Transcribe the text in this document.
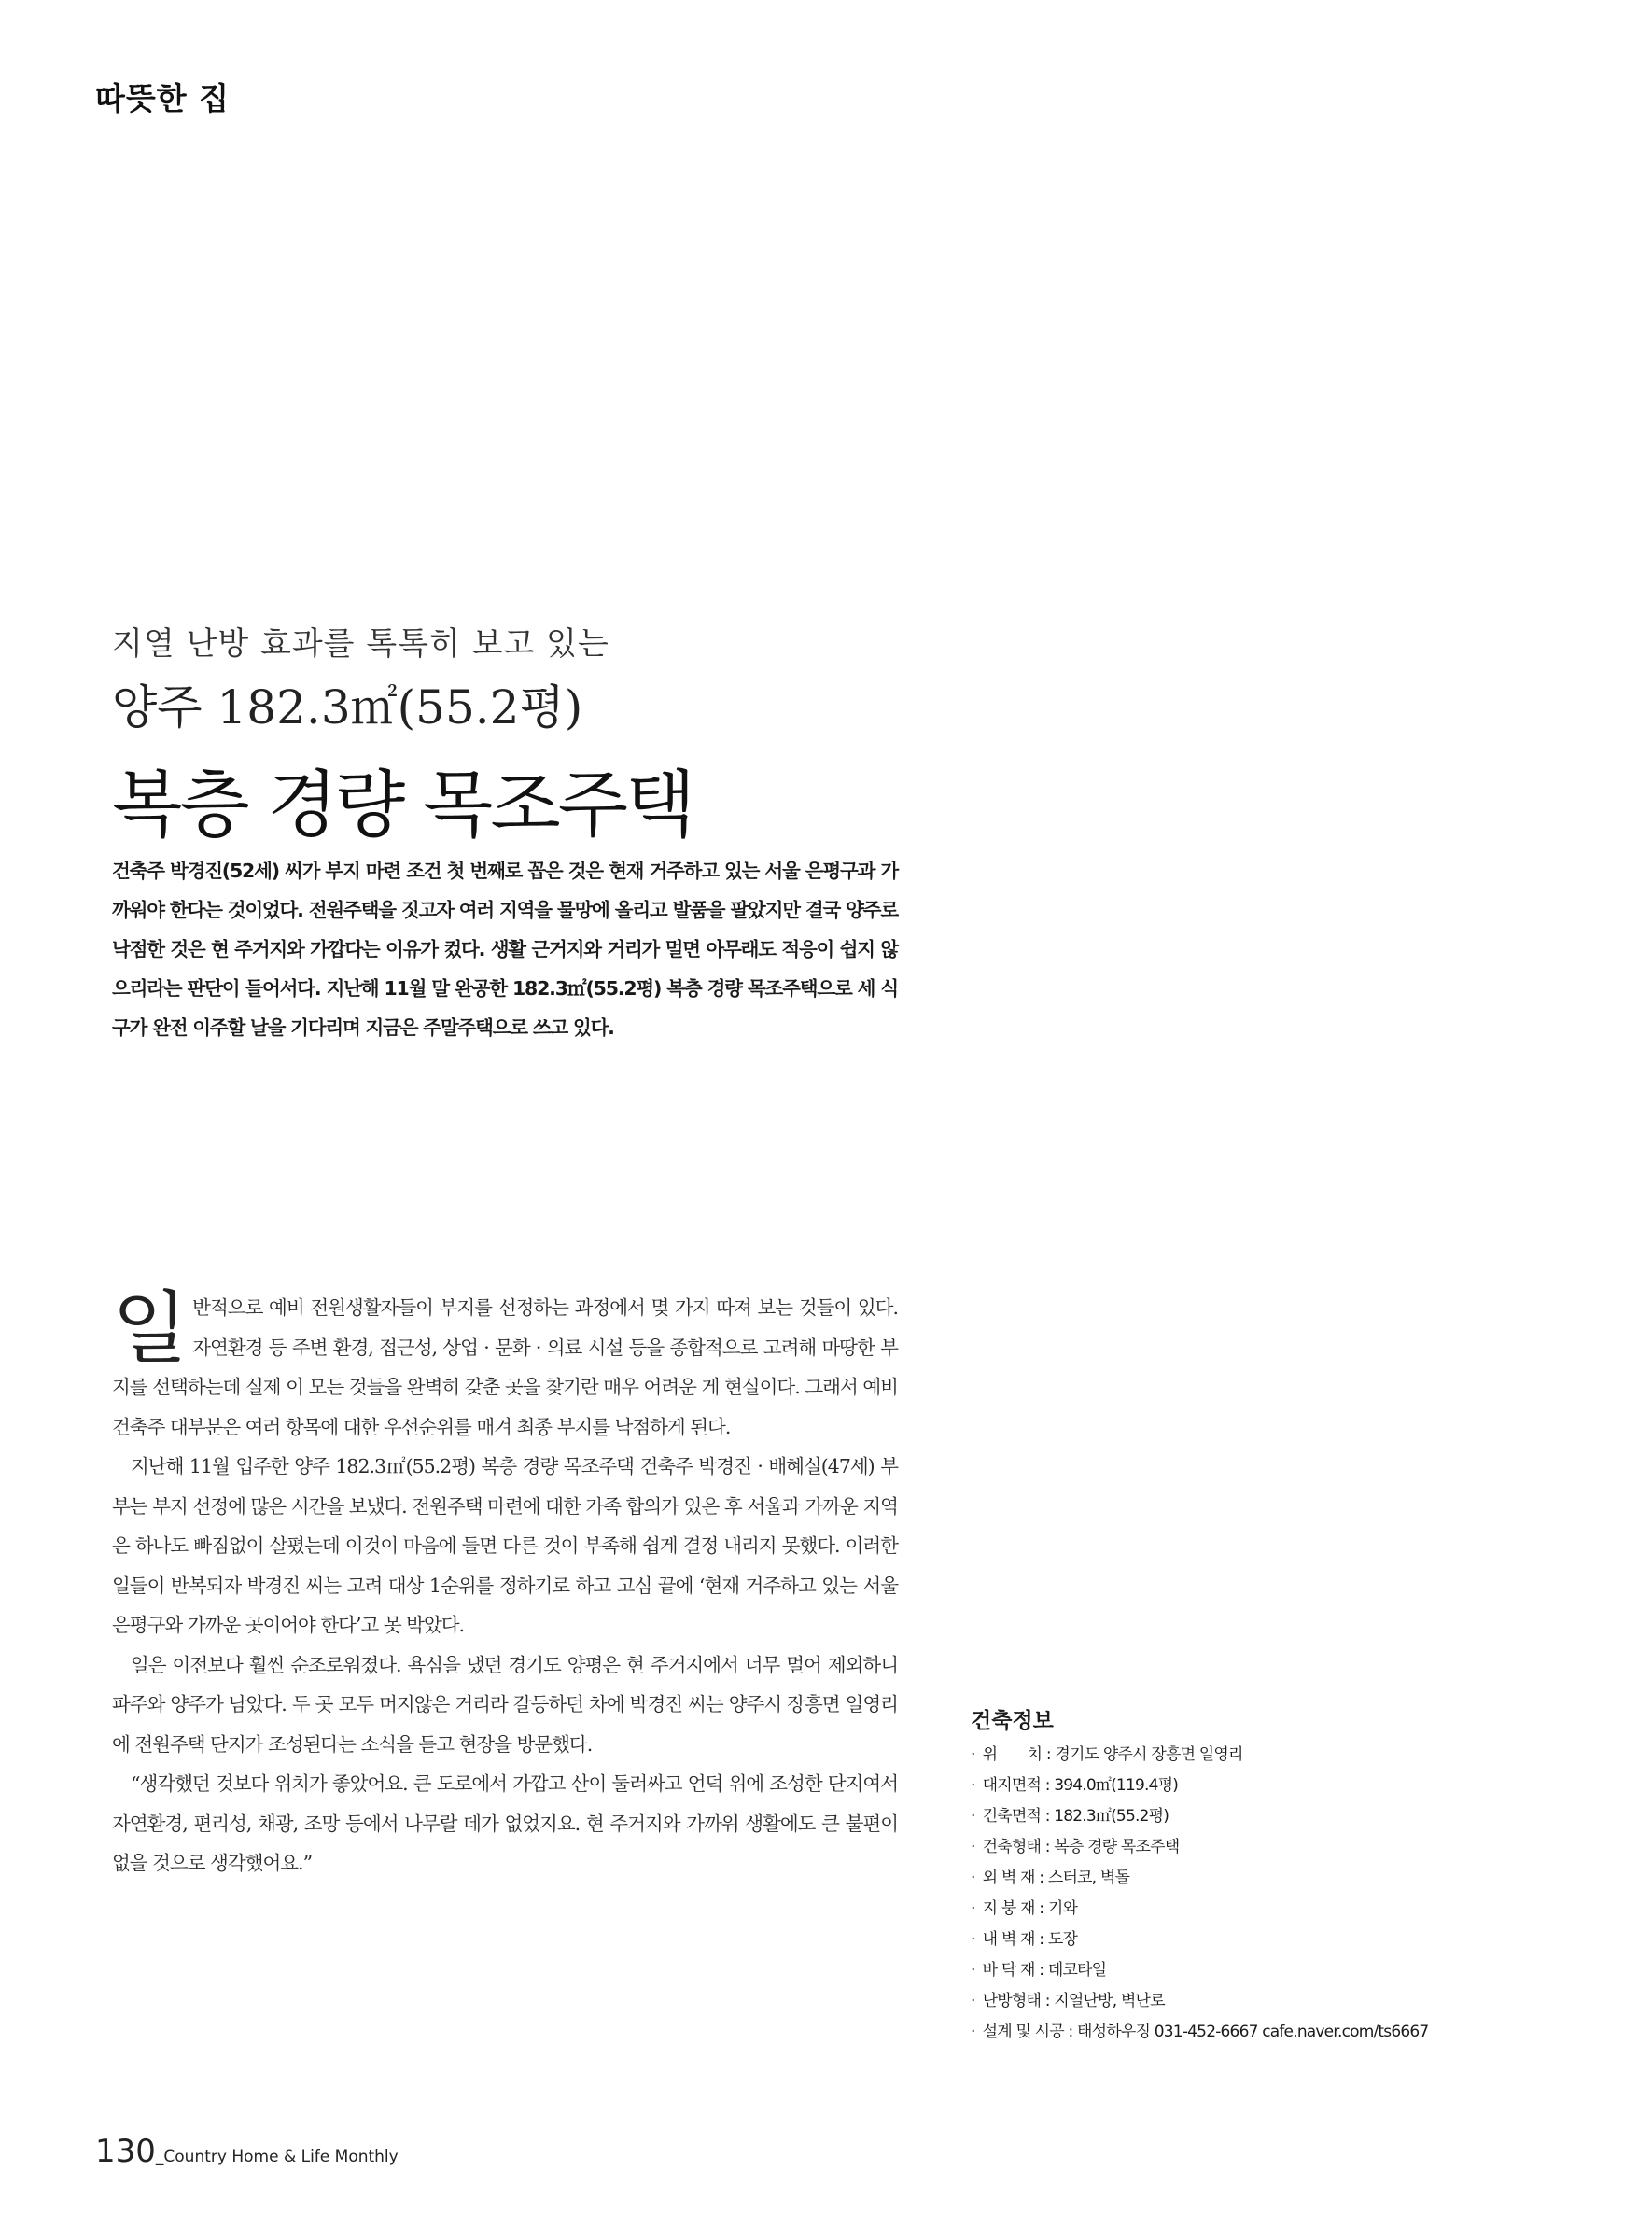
따뜻한 집
지열 난방 효과를 톡톡히 보고 있는
양주 182.3㎡(55.2평)
복층 경량 목조주택

건축주 박경진(52세) 씨가 부지 마련 조건 첫 번째로 꼽은 것은 현재 거주하고 있는 서울 은평구과 가까워야 한다는 것이었다. 전원주택을 짓고자 여러 지역을 물망에 올리고 발품을 팔았지만 결국 양주로 낙점한 것은 현 주거지와 가깝다는 이유가 컸다. 생활 근거지와 거리가 멀면 아무래도 적응이 쉽지 않으리라는 판단이 들어서다. 지난해 11월 말 완공한 182.3㎡(55.2평) 복층 경량 목조주택으로 세 식구가 완전 이주할 날을 기다리며 지금은 주말주택으로 쓰고 있다.

일반적으로 예비 전원생활자들이 부지를 선정하는 과정에서 몇 가지 따져 보는 것들이 있다. 자연환경 등 주변 환경, 접근성, 상업 · 문화 · 의료 시설 등을 종합적으로 고려해 마땅한 부지를 선택하는데 실제 이 모든 것들을 완벽히 갖춘 곳을 찾기란 매우 어려운 게 현실이다. 그래서 예비 건축주 대부분은 여러 항목에 대한 우선순위를 매겨 최종 부지를 낙점하게 된다.

지난해 11월 입주한 양주 182.3㎡(55.2평) 복층 경량 목조주택 건축주 박경진 · 배혜실(47세) 부부는 부지 선정에 많은 시간을 보냈다. 전원주택 마련에 대한 가족 합의가 있은 후 서울과 가까운 지역은 하나도 빠짐없이 살폈는데 이것이 마음에 들면 다른 것이 부족해 쉽게 결정 내리지 못했다. 이러한 일들이 반복되자 박경진 씨는 고려 대상 1순위를 정하기로 하고 고심 끝에 ‘현재 거주하고 있는 서울 은평구와 가까운 곳이어야 한다’고 못 박았다.

일은 이전보다 훨씬 순조로워졌다. 욕심을 냈던 경기도 양평은 현 주거지에서 너무 멀어 제외하니 파주와 양주가 남았다. 두 곳 모두 머지않은 거리라 갈등하던 차에 박경진 씨는 양주시 장흥면 일영리에 전원주택 단지가 조성된다는 소식을 듣고 현장을 방문했다.

“생각했던 것보다 위치가 좋았어요. 큰 도로에서 가깝고 산이 둘러싸고 언덕 위에 조성한 단지여서 자연환경, 편리성, 채광, 조망 등에서 나무랄 데가 없었지요. 현 주거지와 가까워 생활에도 큰 불편이 없을 것으로 생각했어요.”

건축정보
· 위　　치 : 경기도 양주시 장흥면 일영리
· 대지면적 : 394.0㎡(119.4평)
· 건축면적 : 182.3㎡(55.2평)
· 건축형태 : 복층 경량 목조주택
· 외 벽 재 : 스터코, 벽돌
· 지 붕 재 : 기와
· 내 벽 재 : 도장
· 바 닥 재 : 데코타일
· 난방형태 : 지열난방, 벽난로
· 설계 및 시공 : 태성하우징 031-452-6667 cafe.naver.com/ts6667
130_Country Home & Life Monthly
